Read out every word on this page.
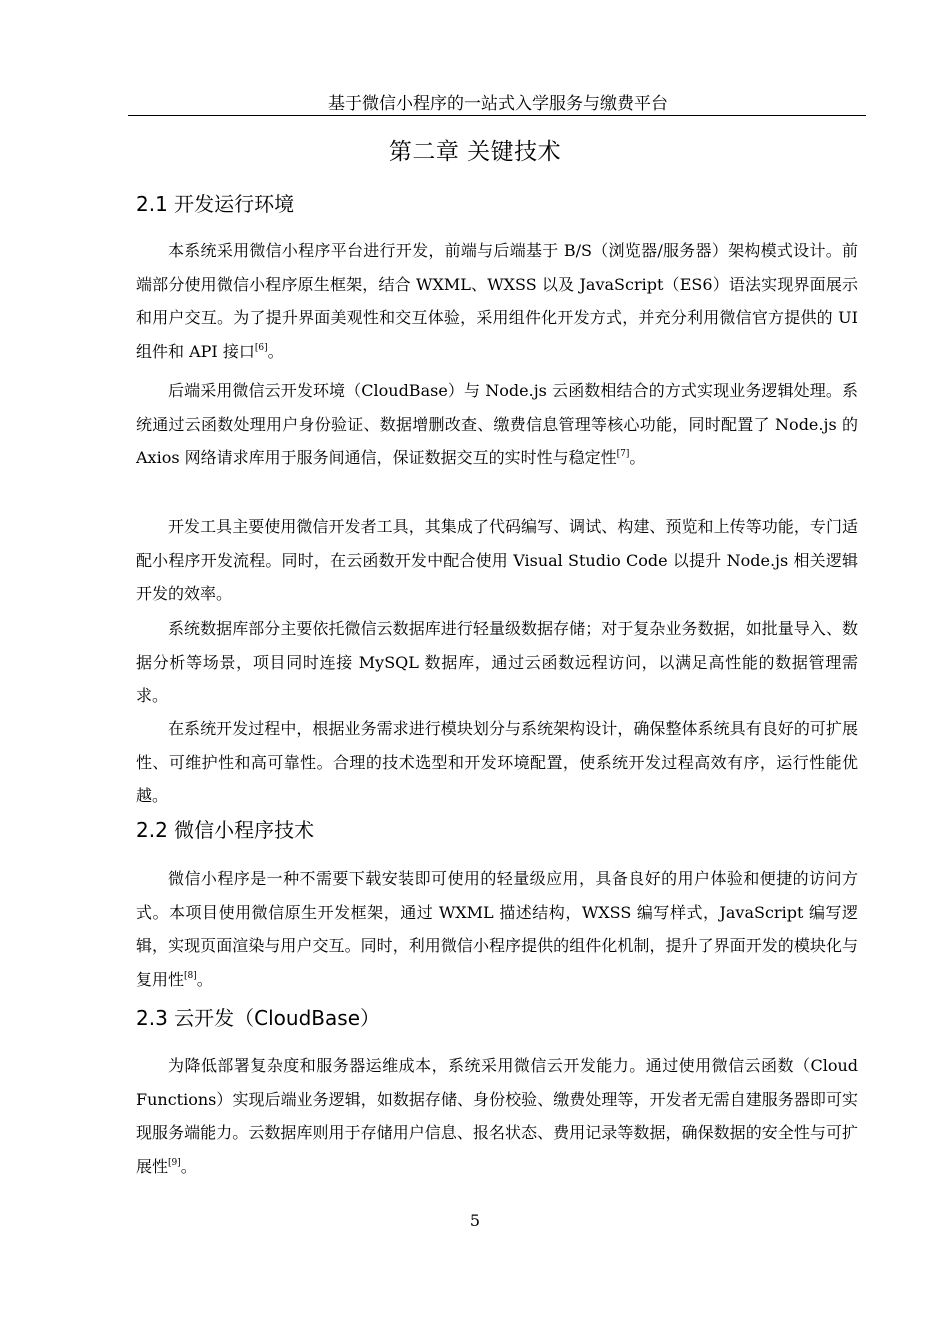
基于微信小程序的一站式入学服务与缴费平台
第二章 关键技术
2.1 开发运行环境
本系统采用微信小程序平台进行开发，前端与后端基于 B/S（浏览器/服务器）架构模式设计。前端部分使用微信小程序原生框架，结合 WXML、WXSS 以及 JavaScript（ES6）语法实现界面展示和用户交互。为了提升界面美观性和交互体验，采用组件化开发方式，并充分利用微信官方提供的 UI 组件和 API 接口[6]。
后端采用微信云开发环境（CloudBase）与 Node.js 云函数相结合的方式实现业务逻辑处理。系统通过云函数处理用户身份验证、数据增删改查、缴费信息管理等核心功能，同时配置了 Node.js 的 Axios 网络请求库用于服务间通信，保证数据交互的实时性与稳定性[7]。
开发工具主要使用微信开发者工具，其集成了代码编写、调试、构建、预览和上传等功能，专门适配小程序开发流程。同时，在云函数开发中配合使用 Visual Studio Code 以提升 Node.js 相关逻辑开发的效率。
系统数据库部分主要依托微信云数据库进行轻量级数据存储；对于复杂业务数据，如批量导入、数据分析等场景，项目同时连接 MySQL 数据库，通过云函数远程访问，以满足高性能的数据管理需求。
在系统开发过程中，根据业务需求进行模块划分与系统架构设计，确保整体系统具有良好的可扩展性、可维护性和高可靠性。合理的技术选型和开发环境配置，使系统开发过程高效有序，运行性能优越。
2.2 微信小程序技术
微信小程序是一种不需要下载安装即可使用的轻量级应用，具备良好的用户体验和便捷的访问方式。本项目使用微信原生开发框架，通过 WXML 描述结构，WXSS 编写样式，JavaScript 编写逻辑，实现页面渲染与用户交互。同时，利用微信小程序提供的组件化机制，提升了界面开发的模块化与复用性[8]。
2.3 云开发（CloudBase）
为降低部署复杂度和服务器运维成本，系统采用微信云开发能力。通过使用微信云函数（Cloud Functions）实现后端业务逻辑，如数据存储、身份校验、缴费处理等，开发者无需自建服务器即可实现服务端能力。云数据库则用于存储用户信息、报名状态、费用记录等数据，确保数据的安全性与可扩展性[9]。
5
